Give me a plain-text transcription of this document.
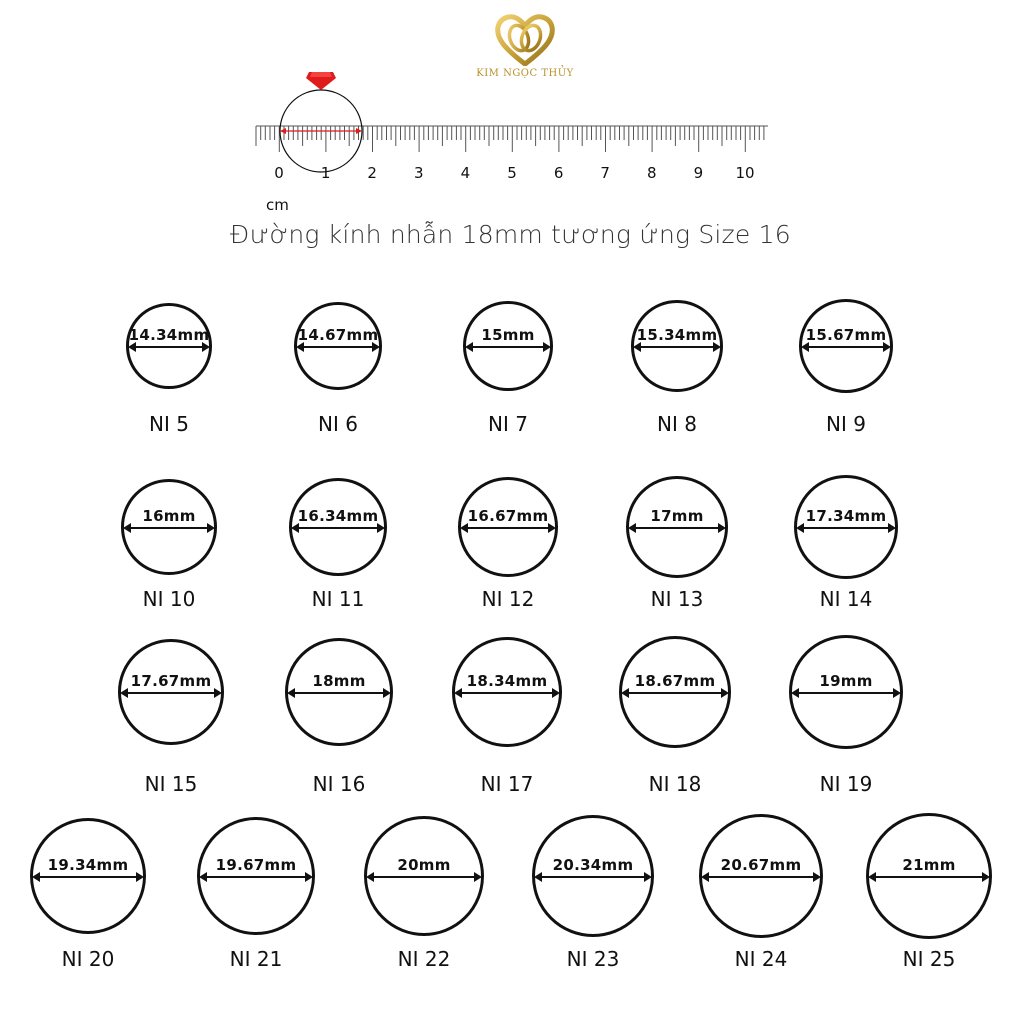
KIM NGỌC THỦY
0 1 2 3 4 5 6 7 8 9 10
cm
Đường kính nhẫn 18mm tương ứng Size 16
14.34mm
NI 5
14.67mm
NI 6
15mm
NI 7
15.34mm
NI 8
15.67mm
NI 9
16mm
NI 10
16.34mm
NI 11
16.67mm
NI 12
17mm
NI 13
17.34mm
NI 14
17.67mm
NI 15
18mm
NI 16
18.34mm
NI 17
18.67mm
NI 18
19mm
NI 19
19.34mm
NI 20
19.67mm
NI 21
20mm
NI 22
20.34mm
NI 23
20.67mm
NI 24
21mm
NI 25
